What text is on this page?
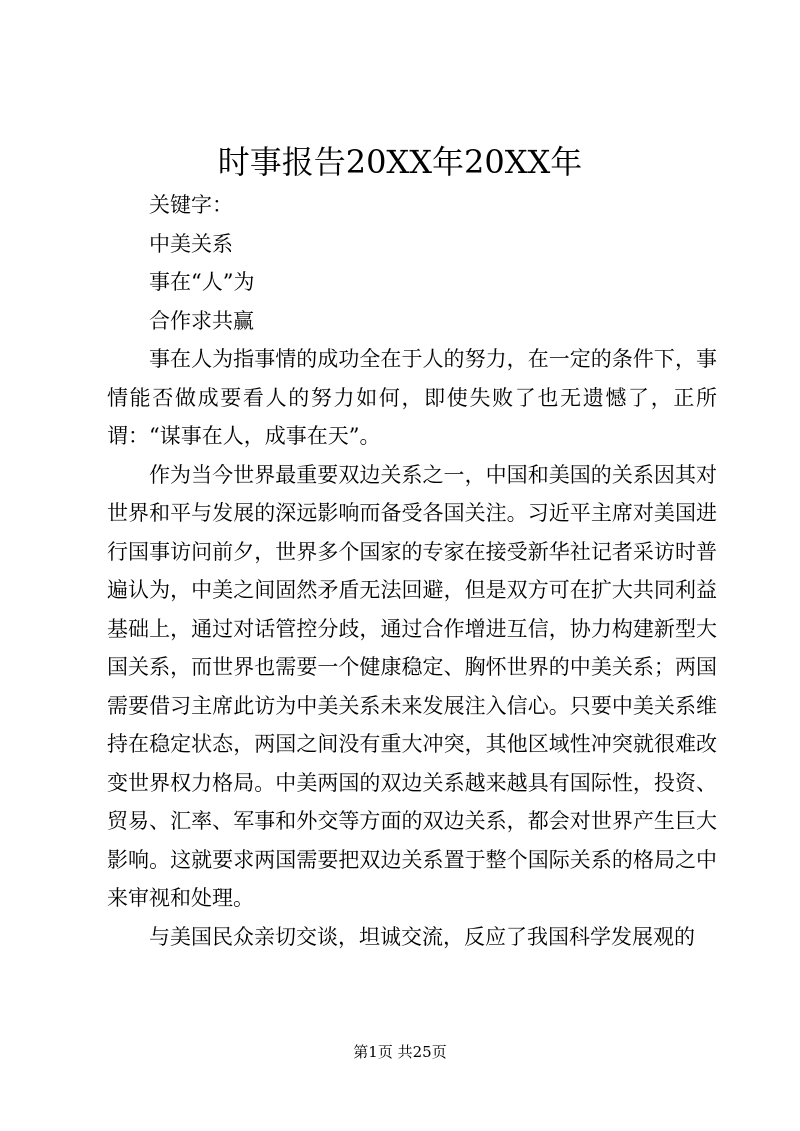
时事报告20XX年20XX年

关键字：

中美关系

事在“人”为

合作求共赢

事在人为指事情的成功全在于人的努力，在一定的条件下，事情能否做成要看人的努力如何，即使失败了也无遗憾了，正所谓：“谋事在人，成事在天”。

作为当今世界最重要双边关系之一，中国和美国的关系因其对世界和平与发展的深远影响而备受各国关注。习近平主席对美国进行国事访问前夕，世界多个国家的专家在接受新华社记者采访时普遍认为，中美之间固然矛盾无法回避，但是双方可在扩大共同利益基础上，通过对话管控分歧，通过合作增进互信，协力构建新型大国关系，而世界也需要一个健康稳定、胸怀世界的中美关系；两国需要借习主席此访为中美关系未来发展注入信心。只要中美关系维持在稳定状态，两国之间没有重大冲突，其他区域性冲突就很难改变世界权力格局。中美两国的双边关系越来越具有国际性，投资、贸易、汇率、军事和外交等方面的双边关系，都会对世界产生巨大影响。这就要求两国需要把双边关系置于整个国际关系的格局之中来审视和处理。

与美国民众亲切交谈，坦诚交流，反应了我国科学发展观的

第1页 共25页
